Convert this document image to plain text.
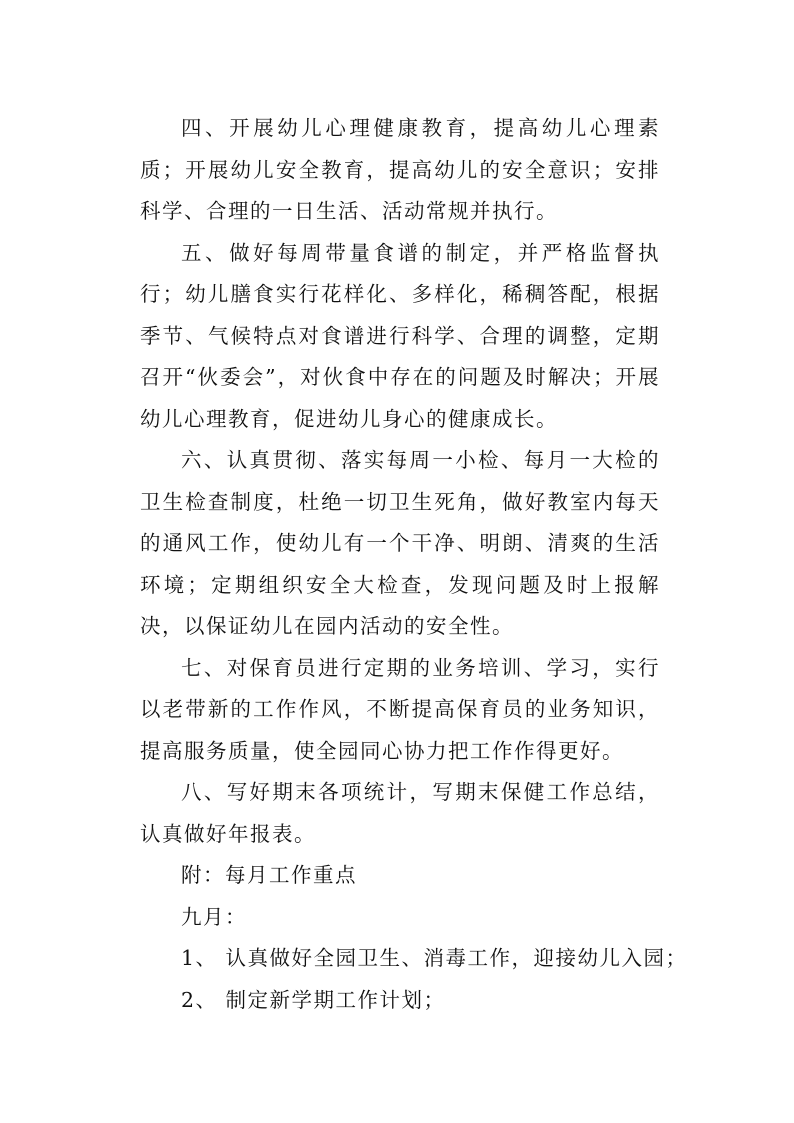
四、开展幼儿心理健康教育，提高幼儿心理素质；开展幼儿安全教育，提高幼儿的安全意识；安排科学、合理的一日生活、活动常规并执行。

五、做好每周带量食谱的制定，并严格监督执行；幼儿膳食实行花样化、多样化，稀稠答配，根据季节、气候特点对食谱进行科学、合理的调整，定期召开“伙委会”，对伙食中存在的问题及时解决；开展幼儿心理教育，促进幼儿身心的健康成长。

六、认真贯彻、落实每周一小检、每月一大检的卫生检查制度，杜绝一切卫生死角，做好教室内每天的通风工作，使幼儿有一个干净、明朗、清爽的生活环境；定期组织安全大检查，发现问题及时上报解决，以保证幼儿在园内活动的安全性。

七、对保育员进行定期的业务培训、学习，实行以老带新的工作作风，不断提高保育员的业务知识，提高服务质量，使全园同心协力把工作作得更好。

八、写好期末各项统计，写期末保健工作总结，认真做好年报表。

附：每月工作重点

九月：

1、 认真做好全园卫生、消毒工作，迎接幼儿入园；

2、 制定新学期工作计划；
